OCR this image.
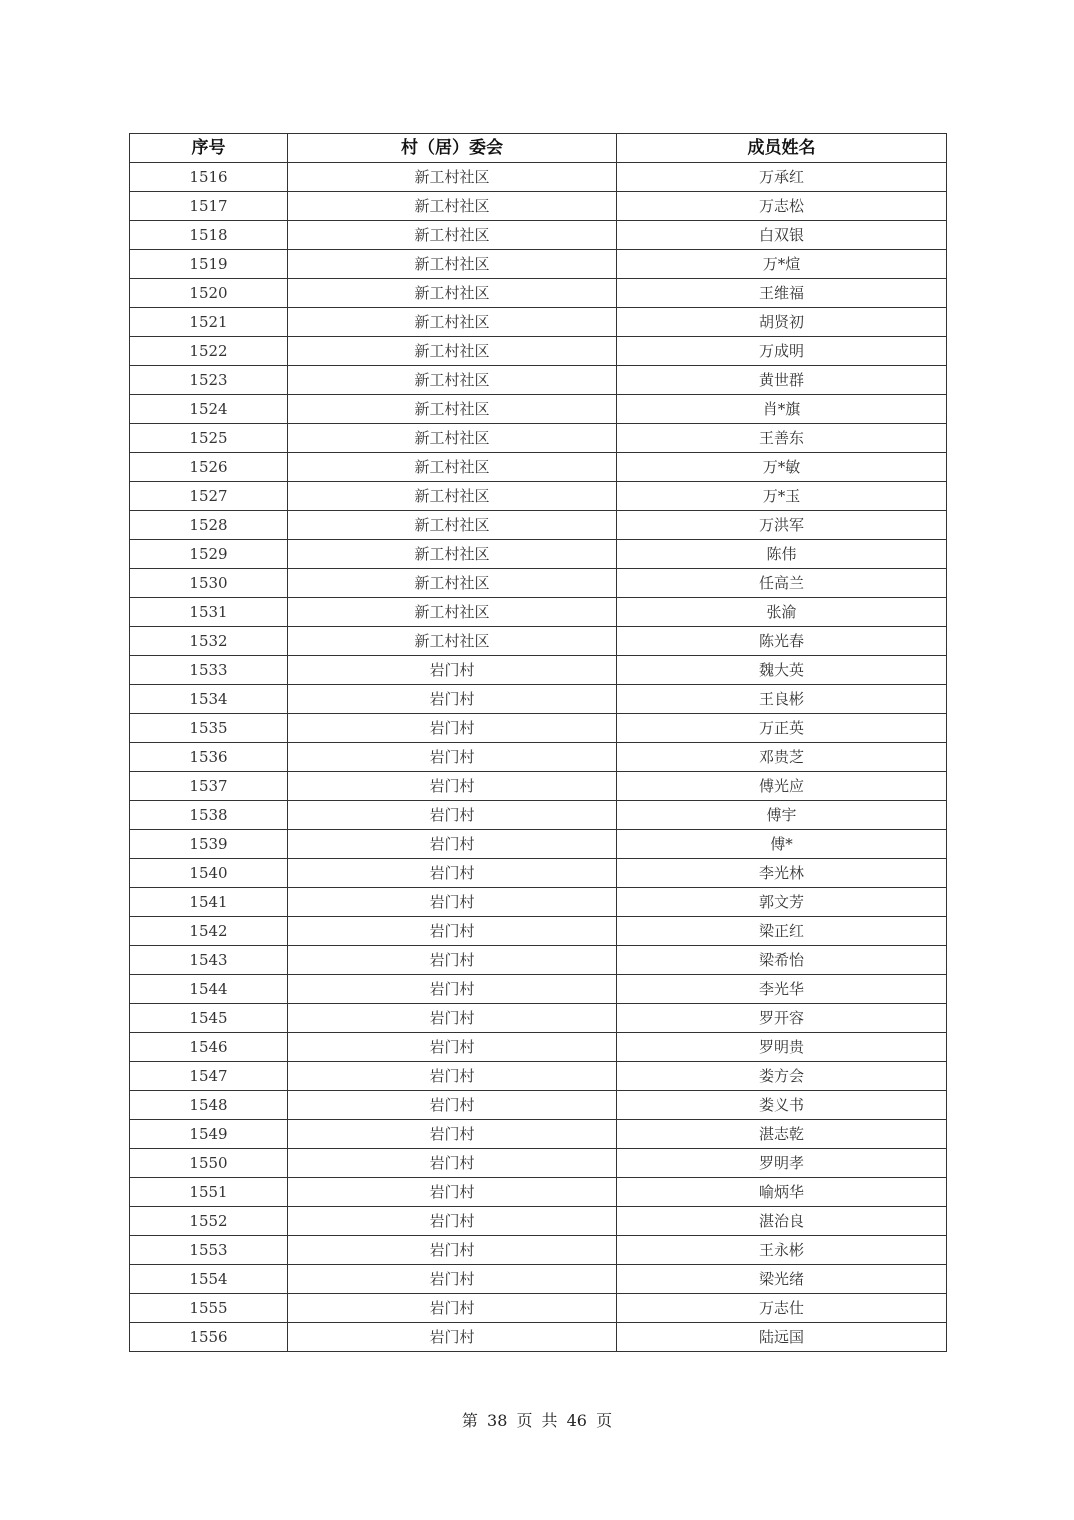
序号	村（居）委会	成员姓名
1516	新工村社区	万承红
1517	新工村社区	万志松
1518	新工村社区	白双银
1519	新工村社区	万*煊
1520	新工村社区	王维福
1521	新工村社区	胡贤初
1522	新工村社区	万成明
1523	新工村社区	黄世群
1524	新工村社区	肖*旗
1525	新工村社区	王善东
1526	新工村社区	万*敏
1527	新工村社区	万*玉
1528	新工村社区	万洪军
1529	新工村社区	陈伟
1530	新工村社区	任高兰
1531	新工村社区	张渝
1532	新工村社区	陈光春
1533	岩门村	魏大英
1534	岩门村	王良彬
1535	岩门村	万正英
1536	岩门村	邓贵芝
1537	岩门村	傅光应
1538	岩门村	傅宇
1539	岩门村	傅*
1540	岩门村	李光林
1541	岩门村	郭文芳
1542	岩门村	梁正红
1543	岩门村	梁希怡
1544	岩门村	李光华
1545	岩门村	罗开容
1546	岩门村	罗明贵
1547	岩门村	娄方会
1548	岩门村	娄义书
1549	岩门村	湛志乾
1550	岩门村	罗明孝
1551	岩门村	喻炳华
1552	岩门村	湛治良
1553	岩门村	王永彬
1554	岩门村	梁光绪
1555	岩门村	万志仕
1556	岩门村	陆远国
第 38 页 共 46 页
